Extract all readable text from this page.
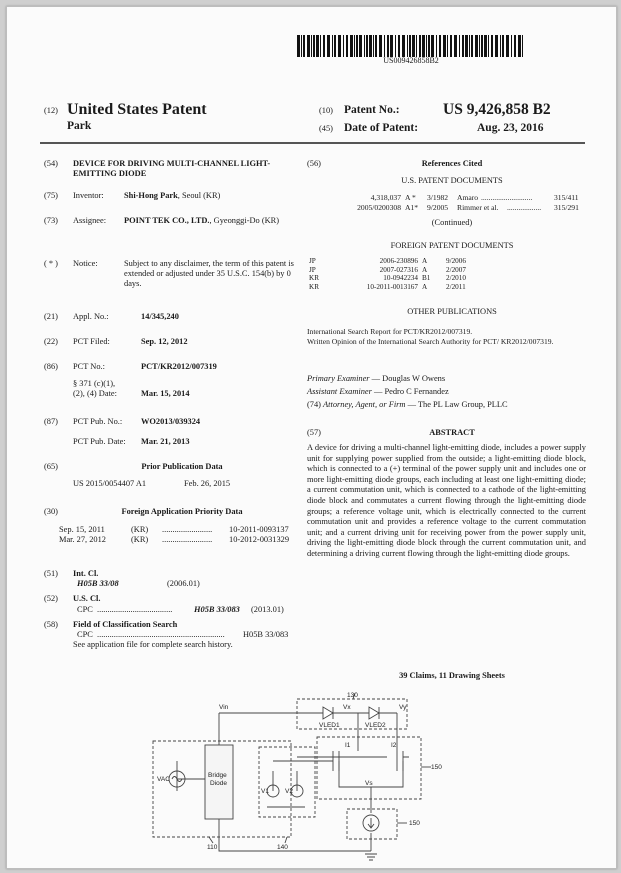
US009426858B2
(12) United States Patent
Park
(10) Patent No.:	US 9,426,858 B2
(45) Date of Patent:	Aug. 23, 2016
(54) DEVICE FOR DRIVING MULTI-CHANNEL LIGHT-EMITTING DIODE
(75) Inventor: Shi-Hong Park, Seoul (KR)
(73) Assignee: POINT TEK CO., LTD., Gyeonggi-Do (KR)
( * ) Notice:	Subject to any disclaimer, the term of this patent is extended or adjusted under 35 U.S.C. 154(b) by 0 days.
(21) Appl. No.:	14/345,240
(22) PCT Filed:	Sep. 12, 2012
(86) PCT No.:	PCT/KR2012/007319
§ 371 (c)(1),
(2), (4) Date:	Mar. 15, 2014
(87) PCT Pub. No.: WO2013/039324
PCT Pub. Date: Mar. 21, 2013
(65)	Prior Publication Data
US 2015/0054407 A1	Feb. 26, 2015
(30)	Foreign Application Priority Data
Sep. 15, 2011	(KR) ........................ 10-2011-0093137
Mar. 27, 2012	(KR) ........................ 10-2012-0031329
(51) Int. Cl.
H05B 33/08	(2006.01)
(52) U.S. Cl.
CPC ....................................	H05B 33/083 (2013.01)
(58) Field of Classification Search
CPC ............................................................. H05B 33/083
See application file for complete search history.
(56)	References Cited
U.S. PATENT DOCUMENTS
4,318,037 A * 3/1982 Amaro ...........................	315/411
2005/0200308 A1* 9/2005 Rimmer et al. .................. 315/291
(Continued)
FOREIGN PATENT DOCUMENTS
JP	2006-230896	A	9/2006
JP	2007-027316	A	2/2007
KR	10-0942234	B1	2/2010
KR	10-2011-0013167	A	2/2011
OTHER PUBLICATIONS
International Search Report for PCT/KR2012/007319.
Written Opinion of the International Search Authority for PCT/ KR2012/007319.
Primary Examiner — Douglas W Owens
Assistant Examiner — Pedro C Fernandez
(74) Attorney, Agent, or Firm — The PL Law Group, PLLC
(57)	ABSTRACT
A device for driving a multi-channel light-emitting diode, includes a power supply unit for supplying power supplied from the outside; a light-emitting diode block, which is connected to a (+) terminal of the power supply unit and includes one or more light-emitting diode groups, each including at least one light-emitting diode; a current commutation unit, which is connected to a cathode of the light-emitting diode block and commutates a current flowing through the light-emitting diode groups; a reference voltage unit, which is electrically connected to the current commutation unit and provides a reference voltage to the current commutation unit; and a current driving unit for receiving power from the power supply unit, driving the light-emitting diode block through the current commutation unit, and determining a driving current flowing through the light-emitting diode groups.
39 Claims, 11 Drawing Sheets
130
Vin	Vx	Vy
VLED1	VLED2
I1	I2
Vs
150
150
VAC
Bridge
Diode
V1 V2
110	140
